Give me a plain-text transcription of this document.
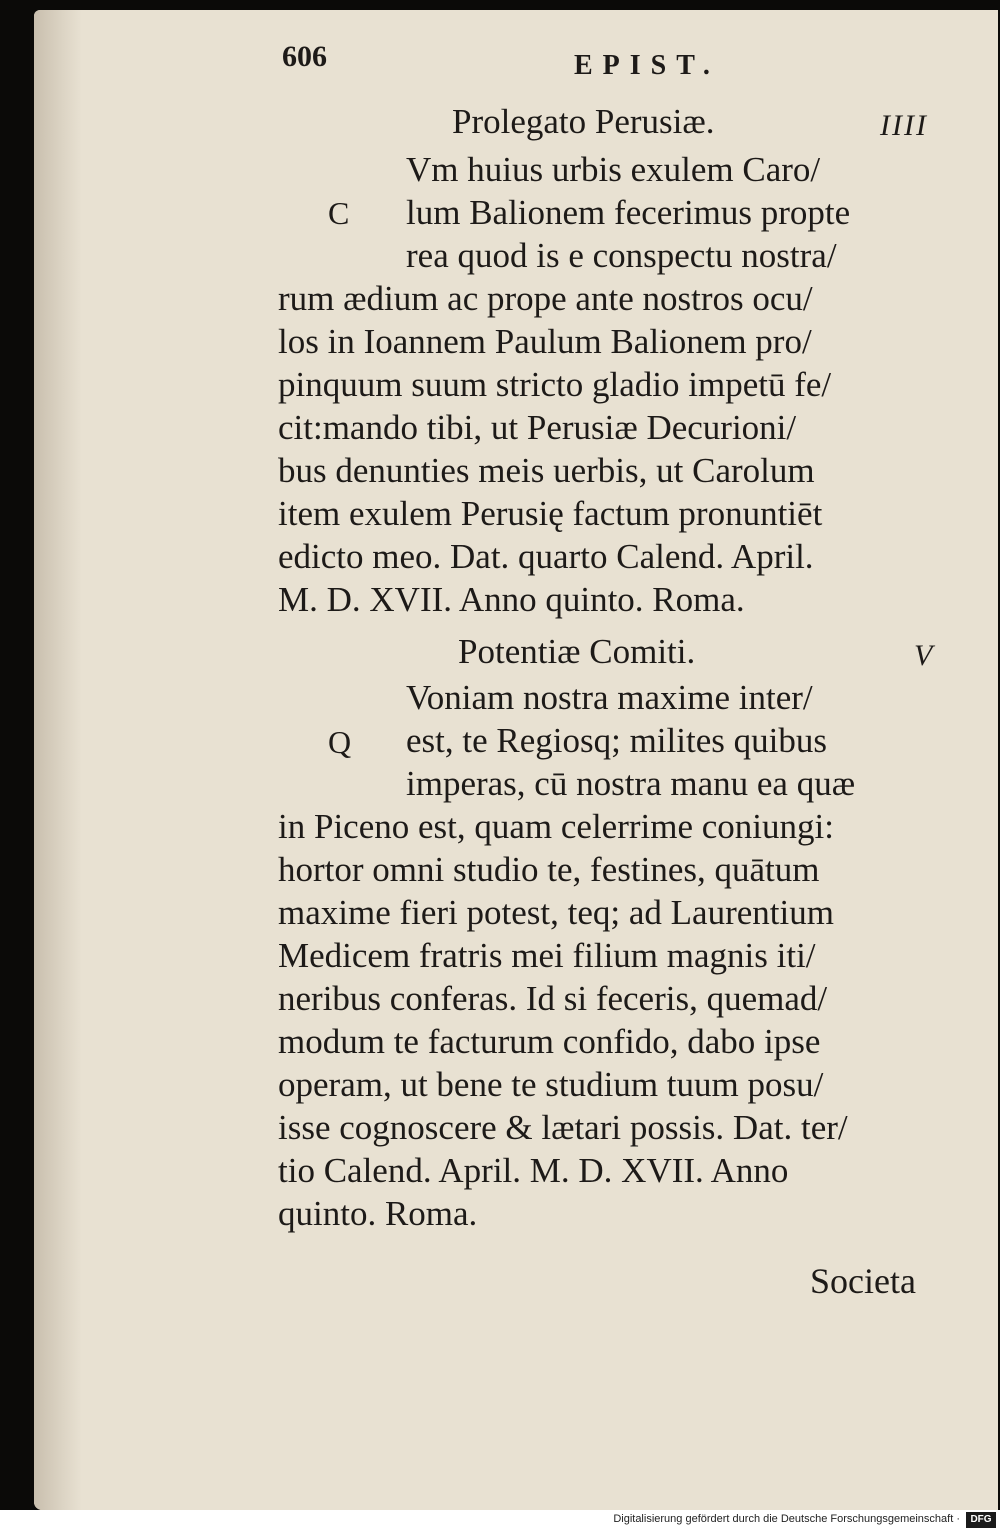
606	EPIST.
Prolegato Perusiæ.	IIII
C
Vm huius urbis exulem Caro/
lum Balionem fecerimus propte
rea quod is e conspectu nostra/
rum ædium ac prope ante nostros ocu/
los in Ioannem Paulum Balionem pro/
pinquum suum stricto gladio impetū fe/
cit:mando tibi, ut Perusiæ Decurioni/
bus denunties meis uerbis, ut Carolum
item exulem Perusię factum pronuntiēt
edicto meo. Dat. quarto Calend. April.
M. D. XVII. Anno quinto. Roma.
Potentiæ Comiti.	V
Q
Voniam nostra maxime inter/
est, te Regiosq; milites quibus
imperas, cū nostra manu ea quæ
in Piceno est, quam celerrime coniungi:
hortor omni studio te, festines, quātum
maxime fieri potest, teq; ad Laurentium
Medicem fratris mei filium magnis iti/
neribus conferas. Id si feceris, quemad/
modum te facturum confido, dabo ipse
operam, ut bene te studium tuum posu/
isse cognoscere & lætari possis. Dat. ter/
tio Calend. April. M. D. XVII. Anno
quinto. Roma.
Societa
Digitalisierung gefördert durch die Deutsche Forschungsgemeinschaft ·	DFG
